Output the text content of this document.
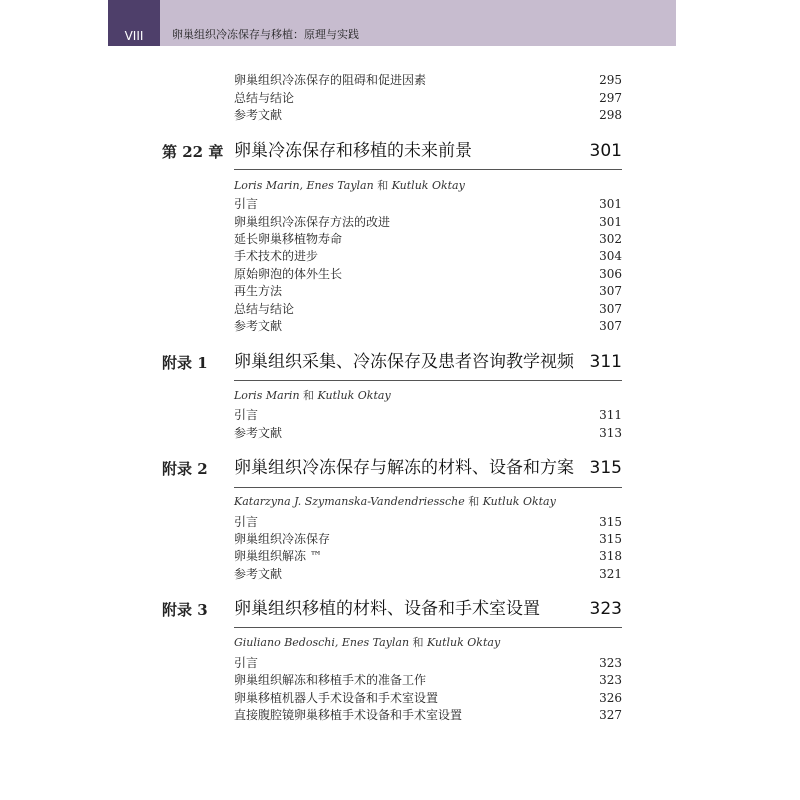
VIII	卵巢组织冷冻保存与移植：原理与实践
卵巢组织冷冻保存的阻碍和促进因素	295
总结与结论	297
参考文献	298
第 22 章 卵巢冷冻保存和移植的未来前景	301
Loris Marin, Enes Taylan 和 Kutluk Oktay
引言	301
卵巢组织冷冻保存方法的改进	301
延长卵巢移植物寿命	302
手术技术的进步	304
原始卵泡的体外生长	306
再生方法	307
总结与结论	307
参考文献	307
附录 1 卵巢组织采集、冷冻保存及患者咨询教学视频 311
Loris Marin 和 Kutluk Oktay
引言	311
参考文献	313
附录 2 卵巢组织冷冻保存与解冻的材料、设备和方案 315
Katarzyna J. Szymanska-Vandendriessche 和 Kutluk Oktay
引言	315
卵巢组织冷冻保存	315
卵巢组织解冻 ™	318
参考文献	321
附录 3 卵巢组织移植的材料、设备和手术室设置	323
Giuliano Bedoschi, Enes Taylan 和 Kutluk Oktay
引言	323
卵巢组织解冻和移植手术的准备工作	323
卵巢移植机器人手术设备和手术室设置	326
直接腹腔镜卵巢移植手术设备和手术室设置	327
